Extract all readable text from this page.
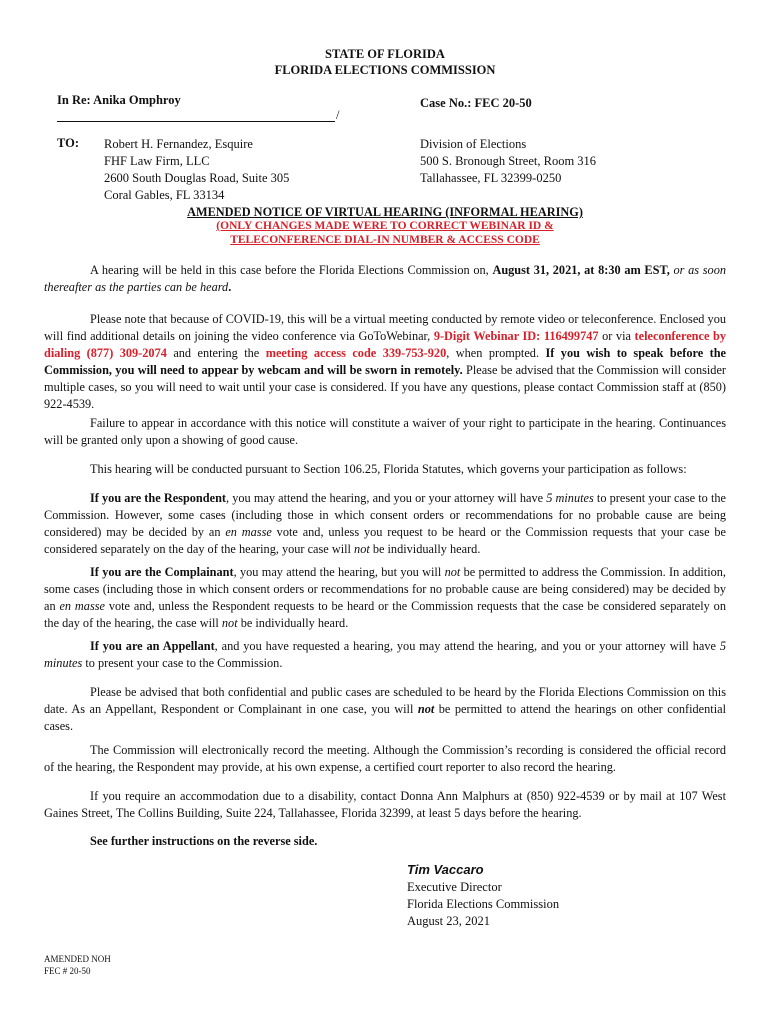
STATE OF FLORIDA
FLORIDA ELECTIONS COMMISSION
In Re: Anika Omphroy	Case No.: FEC 20-50
/
TO: Robert H. Fernandez, Esquire
FHF Law Firm, LLC
2600 South Douglas Road, Suite 305
Coral Gables, FL 33134
Division of Elections
500 S. Bronough Street, Room 316
Tallahassee, FL 32399-0250
AMENDED NOTICE OF VIRTUAL HEARING (INFORMAL HEARING)
(ONLY CHANGES MADE WERE TO CORRECT WEBINAR ID &
TELECONFERENCE DIAL-IN NUMBER & ACCESS CODE
A hearing will be held in this case before the Florida Elections Commission on, August 31, 2021, at 8:30 am EST, or as soon thereafter as the parties can be heard.
Please note that because of COVID-19, this will be a virtual meeting conducted by remote video or teleconference. Enclosed you will find additional details on joining the video conference via GoToWebinar, 9-Digit Webinar ID: 116499747 or via teleconference by dialing (877) 309-2074 and entering the meeting access code 339-753-920, when prompted. If you wish to speak before the Commission, you will need to appear by webcam and will be sworn in remotely. Please be advised that the Commission will consider multiple cases, so you will need to wait until your case is considered. If you have any questions, please contact Commission staff at (850) 922-4539.
Failure to appear in accordance with this notice will constitute a waiver of your right to participate in the hearing. Continuances will be granted only upon a showing of good cause.
This hearing will be conducted pursuant to Section 106.25, Florida Statutes, which governs your participation as follows:
If you are the Respondent, you may attend the hearing, and you or your attorney will have 5 minutes to present your case to the Commission. However, some cases (including those in which consent orders or recommendations for no probable cause are being considered) may be decided by an en masse vote and, unless you request to be heard or the Commission requests that your case be considered separately on the day of the hearing, your case will not be individually heard.
If you are the Complainant, you may attend the hearing, but you will not be permitted to address the Commission. In addition, some cases (including those in which consent orders or recommendations for no probable cause are being considered) may be decided by an en masse vote and, unless the Respondent requests to be heard or the Commission requests that the case be considered separately on the day of the hearing, the case will not be individually heard.
If you are an Appellant, and you have requested a hearing, you may attend the hearing, and you or your attorney will have 5 minutes to present your case to the Commission.
Please be advised that both confidential and public cases are scheduled to be heard by the Florida Elections Commission on this date. As an Appellant, Respondent or Complainant in one case, you will not be permitted to attend the hearings on other confidential cases.
The Commission will electronically record the meeting. Although the Commission’s recording is considered the official record of the hearing, the Respondent may provide, at his own expense, a certified court reporter to also record the hearing.
If you require an accommodation due to a disability, contact Donna Ann Malphurs at (850) 922-4539 or by mail at 107 West Gaines Street, The Collins Building, Suite 224, Tallahassee, Florida 32399, at least 5 days before the hearing.
See further instructions on the reverse side.
Tim Vaccaro
Executive Director
Florida Elections Commission
August 23, 2021
AMENDED NOH
FEC # 20-50
